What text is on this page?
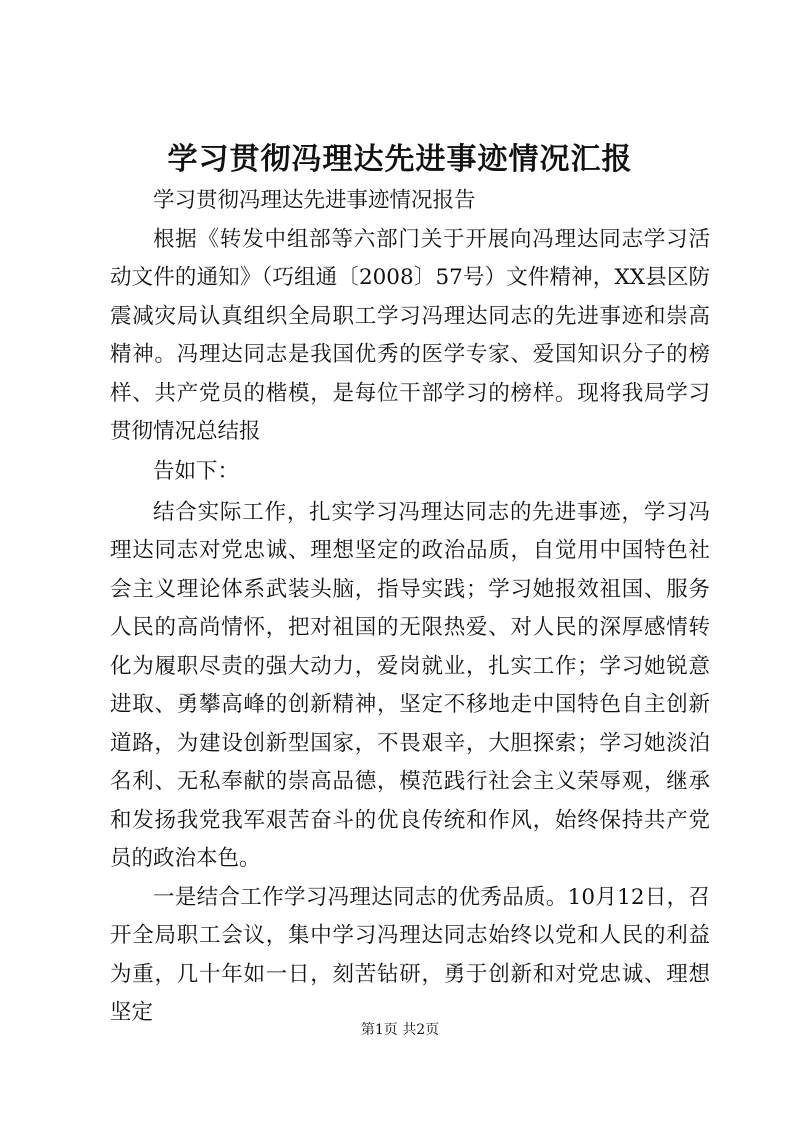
学习贯彻冯理达先进事迹情况汇报

学习贯彻冯理达先进事迹情况报告

根据《转发中组部等六部门关于开展向冯理达同志学习活动文件的通知》（巧组通〔2008〕57号）文件精神，XX县区防震减灾局认真组织全局职工学习冯理达同志的先进事迹和崇高精神。冯理达同志是我国优秀的医学专家、爱国知识分子的榜样、共产党员的楷模，是每位干部学习的榜样。现将我局学习贯彻情况总结报

告如下：

结合实际工作，扎实学习冯理达同志的先进事迹，学习冯理达同志对党忠诚、理想坚定的政治品质，自觉用中国特色社会主义理论体系武装头脑，指导实践；学习她报效祖国、服务人民的高尚情怀，把对祖国的无限热爱、对人民的深厚感情转化为履职尽责的强大动力，爱岗就业，扎实工作；学习她锐意进取、勇攀高峰的创新精神，坚定不移地走中国特色自主创新道路，为建设创新型国家，不畏艰辛，大胆探索；学习她淡泊名利、无私奉献的崇高品德，模范践行社会主义荣辱观，继承和发扬我党我军艰苦奋斗的优良传统和作风，始终保持共产党员的政治本色。

一是结合工作学习冯理达同志的优秀品质。10月12日，召开全局职工会议，集中学习冯理达同志始终以党和人民的利益为重，几十年如一日，刻苦钻研，勇于创新和对党忠诚、理想坚定

第1页 共2页
